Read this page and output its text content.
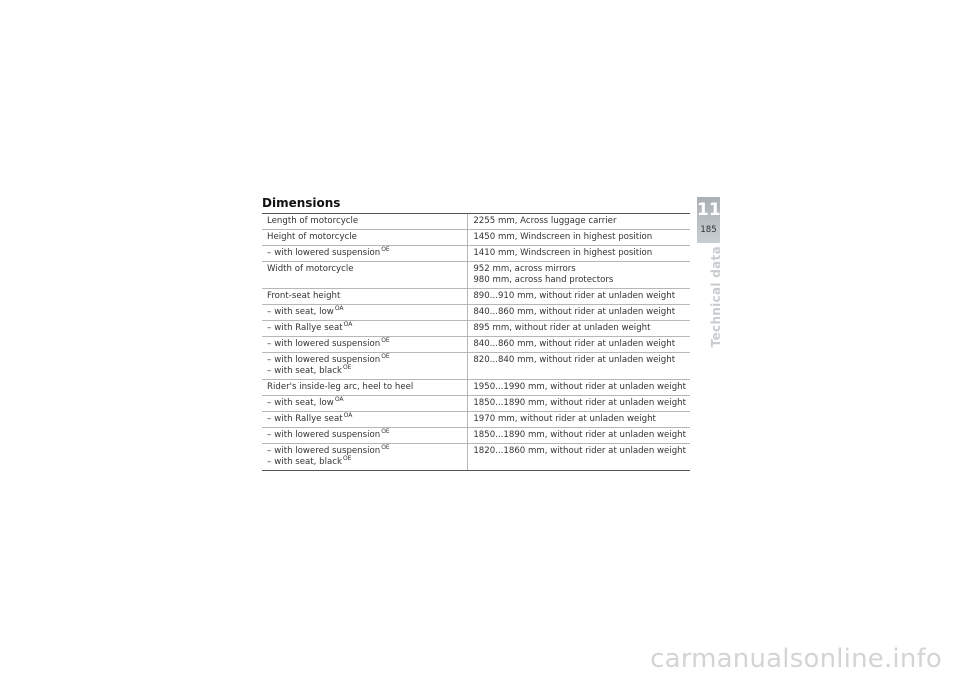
Dimensions
Length of motorcycle	2255 mm, Across luggage carrier

Height of motorcycle	1450 mm, Windscreen in highest position

– with lowered suspension$^{OE}$	1410 mm, Windscreen in highest position

Width of motorcycle	952 mm, across mirrors
980 mm, across hand protectors

Front-seat height	890...910 mm, without rider at unladen weight

– with seat, low$^{OA}$	840...860 mm, without rider at unladen weight

– with Rallye seat$^{OA}$	895 mm, without rider at unladen weight

– with lowered suspension$^{OE}$	840...860 mm, without rider at unladen weight

– with lowered suspension$^{OE}$
– with seat, black$^{OE}$	820...840 mm, without rider at unladen weight

Rider's inside-leg arc, heel to heel	1950...1990 mm, without rider at unladen weight

– with seat, low$^{OA}$	1850...1890 mm, without rider at unladen weight

– with Rallye seat$^{OA}$	1970 mm, without rider at unladen weight

– with lowered suspension$^{OE}$	1850...1890 mm, without rider at unladen weight

– with lowered suspension$^{OE}$
– with seat, black$^{OE}$	1820...1860 mm, without rider at unladen weight
11
185
Technical data
carmanualsonline.info
